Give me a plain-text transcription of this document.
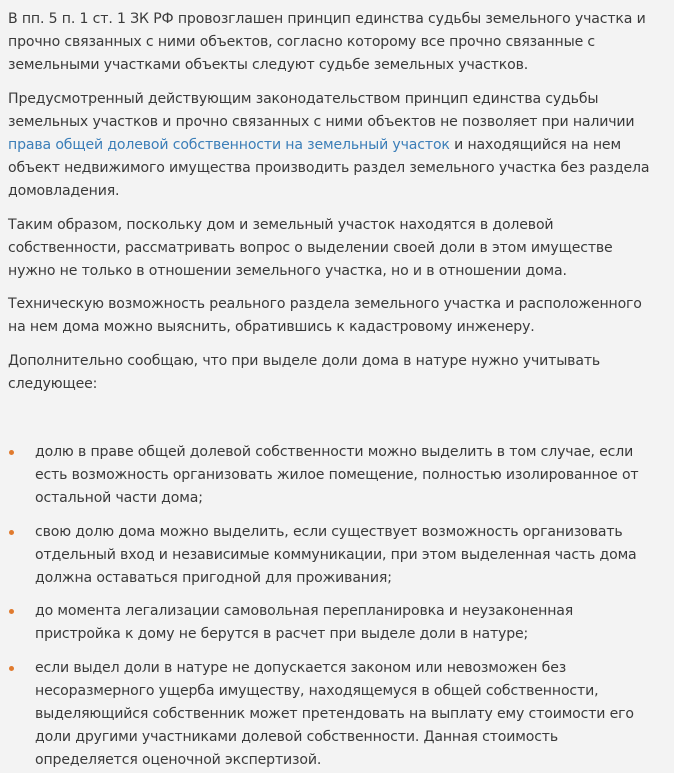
В пп. 5 п. 1 ст. 1 ЗК РФ провозглашен принцип единства судьбы земельного участка и прочно связанных с ними объектов, согласно которому все прочно связанные с земельными участками объекты следуют судьбе земельных участков.

Предусмотренный действующим законодательством принцип единства судьбы земельных участков и прочно связанных с ними объектов не позволяет при наличии права общей долевой собственности на земельный участок и находящийся на нем объект недвижимого имущества производить раздел земельного участка без раздела домовладения.

Таким образом, поскольку дом и земельный участок находятся в долевой собственности, рассматривать вопрос о выделении своей доли в этом имуществе нужно не только в отношении земельного участка, но и в отношении дома.

Техническую возможность реального раздела земельного участка и расположенного на нем дома можно выяснить, обратившись к кадастровому инженеру.

Дополнительно сообщаю, что при выделе доли дома в натуре нужно учитывать следующее:

долю в праве общей долевой собственности можно выделить в том случае, если есть возможность организовать жилое помещение, полностью изолированное от остальной части дома;
свою долю дома можно выделить, если существует возможность организовать отдельный вход и независимые коммуникации, при этом выделенная часть дома должна оставаться пригодной для проживания;
до момента легализации самовольная перепланировка и неузаконенная пристройка к дому не берутся в расчет при выделе доли в натуре;
если выдел доли в натуре не допускается законом или невозможен без несоразмерного ущерба имуществу, находящемуся в общей собственности, выделяющийся собственник может претендовать на выплату ему стоимости его доли другими участниками долевой собственности. Данная стоимость определяется оценочной экспертизой.
